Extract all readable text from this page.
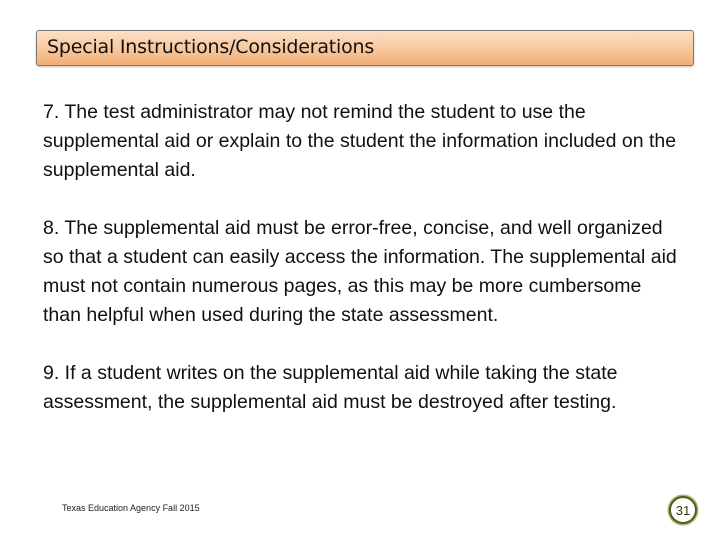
Special Instructions/Considerations

7. The test administrator may not remind the student to use the supplemental aid or explain to the student the information included on the supplemental aid.

8. The supplemental aid must be error-free, concise, and well organized so that a student can easily access the information. The supplemental aid must not contain numerous pages, as this may be more cumbersome than helpful when used during the state assessment.

9. If a student writes on the supplemental aid while taking the state assessment, the supplemental aid must be destroyed after testing.

Texas Education Agency Fall 2015	31
